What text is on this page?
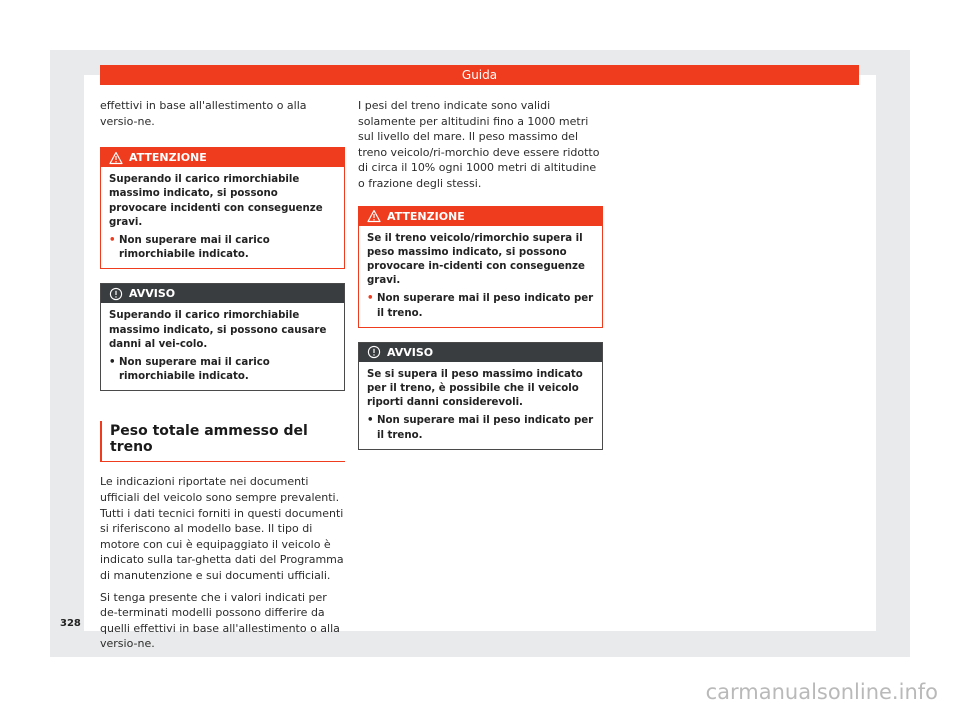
Guida

effettivi in base all'allestimento o alla versio-ne.

ATTENZIONE

Superando il carico rimorchiabile massimo indicato, si possono provocare incidenti con conseguenze gravi.

• Non superare mai il carico rimorchiabile indicato.

AVVISO

Superando il carico rimorchiabile massimo indicato, si possono causare danni al vei-colo.

• Non superare mai il carico rimorchiabile indicato.

Peso totale ammesso del treno

Le indicazioni riportate nei documenti ufficiali del veicolo sono sempre prevalenti. Tutti i dati tecnici forniti in questi documenti si riferiscono al modello base. Il tipo di motore con cui è equipaggiato il veicolo è indicato sulla tar-ghetta dati del Programma di manutenzione e sui documenti ufficiali.

Si tenga presente che i valori indicati per de-terminati modelli possono differire da quelli effettivi in base all'allestimento o alla versio-ne.

I pesi del treno indicate sono validi solamente per altitudini fino a 1000 metri sul livello del mare. Il peso massimo del treno veicolo/ri-morchio deve essere ridotto di circa il 10% ogni 1000 metri di altitudine o frazione degli stessi.

ATTENZIONE

Se il treno veicolo/rimorchio supera il peso massimo indicato, si possono provocare in-cidenti con conseguenze gravi.

• Non superare mai il peso indicato per il treno.

AVVISO

Se si supera il peso massimo indicato per il treno, è possibile che il veicolo riporti danni considerevoli.

• Non superare mai il peso indicato per il treno.

328
carmanualsonline.info
